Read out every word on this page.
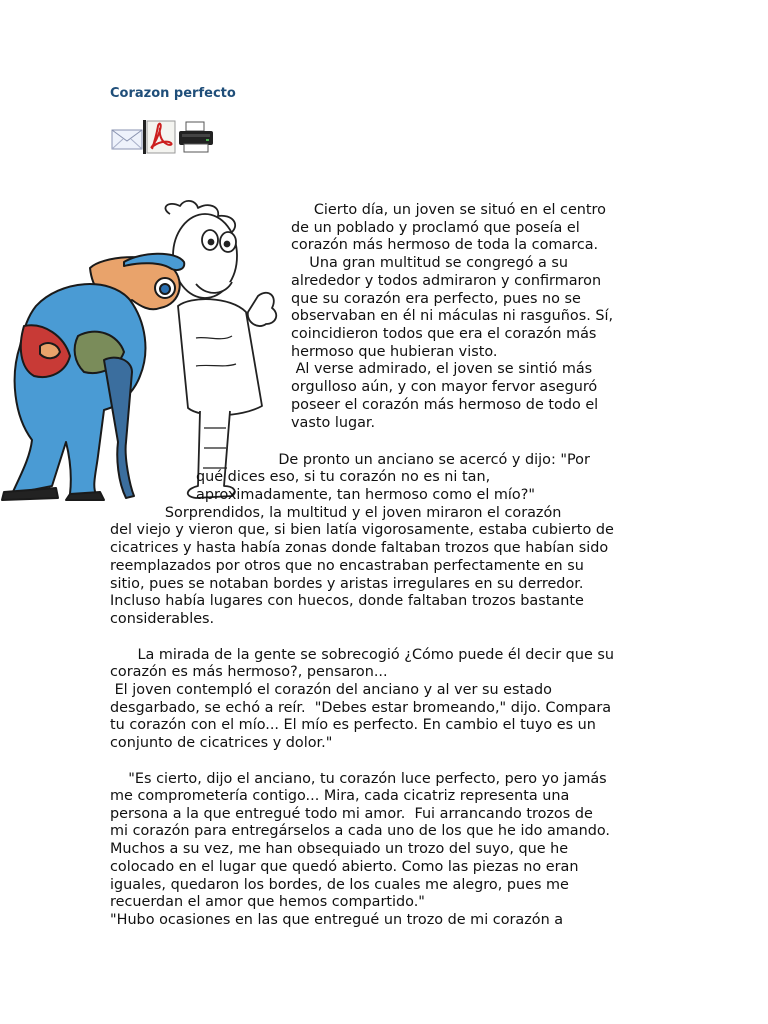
Corazon perfecto
Cierto día, un joven se situó en el centro
de un poblado y proclamó que poseía el
corazón más hermoso de toda la comarca.
Una gran multitud se congregó a su
alrededor y todos admiraron y confirmaron
que su corazón era perfecto, pues no se
observaban en él ni máculas ni rasguños. Sí,
coincidieron todos que era el corazón más
hermoso que hubieran visto.
Al verse admirado, el joven se sintió más
orgulloso aún, y con mayor fervor aseguró
poseer el corazón más hermoso de todo el
vasto lugar.
De pronto un anciano se acercó y dijo: "Por
qué dices eso, si tu corazón no es ni tan,
aproximadamente, tan hermoso como el mío?"
Sorprendidos, la multitud y el joven miraron el corazón
del viejo y vieron que, si bien latía vigorosamente, estaba cubierto de
cicatrices y hasta había zonas donde faltaban trozos que habían sido
reemplazados por otros que no encastraban perfectamente en su
sitio, pues se notaban bordes y aristas irregulares en su derredor.
Incluso había lugares con huecos, donde faltaban trozos bastante
considerables.
La mirada de la gente se sobrecogió ¿Cómo puede él decir que su
corazón es más hermoso?, pensaron...
El joven contempló el corazón del anciano y al ver su estado
desgarbado, se echó a reír.  "Debes estar bromeando," dijo. Compara
tu corazón con el mío... El mío es perfecto. En cambio el tuyo es un
conjunto de cicatrices y dolor."
"Es cierto, dijo el anciano, tu corazón luce perfecto, pero yo jamás
me comprometería contigo... Mira, cada cicatriz representa una
persona a la que entregué todo mi amor.  Fui arrancando trozos de
mi corazón para entregárselos a cada uno de los que he ido amando.
Muchos a su vez, me han obsequiado un trozo del suyo, que he
colocado en el lugar que quedó abierto. Como las piezas no eran
iguales, quedaron los bordes, de los cuales me alegro, pues me
recuerdan el amor que hemos compartido."
"Hubo ocasiones en las que entregué un trozo de mi corazón a
